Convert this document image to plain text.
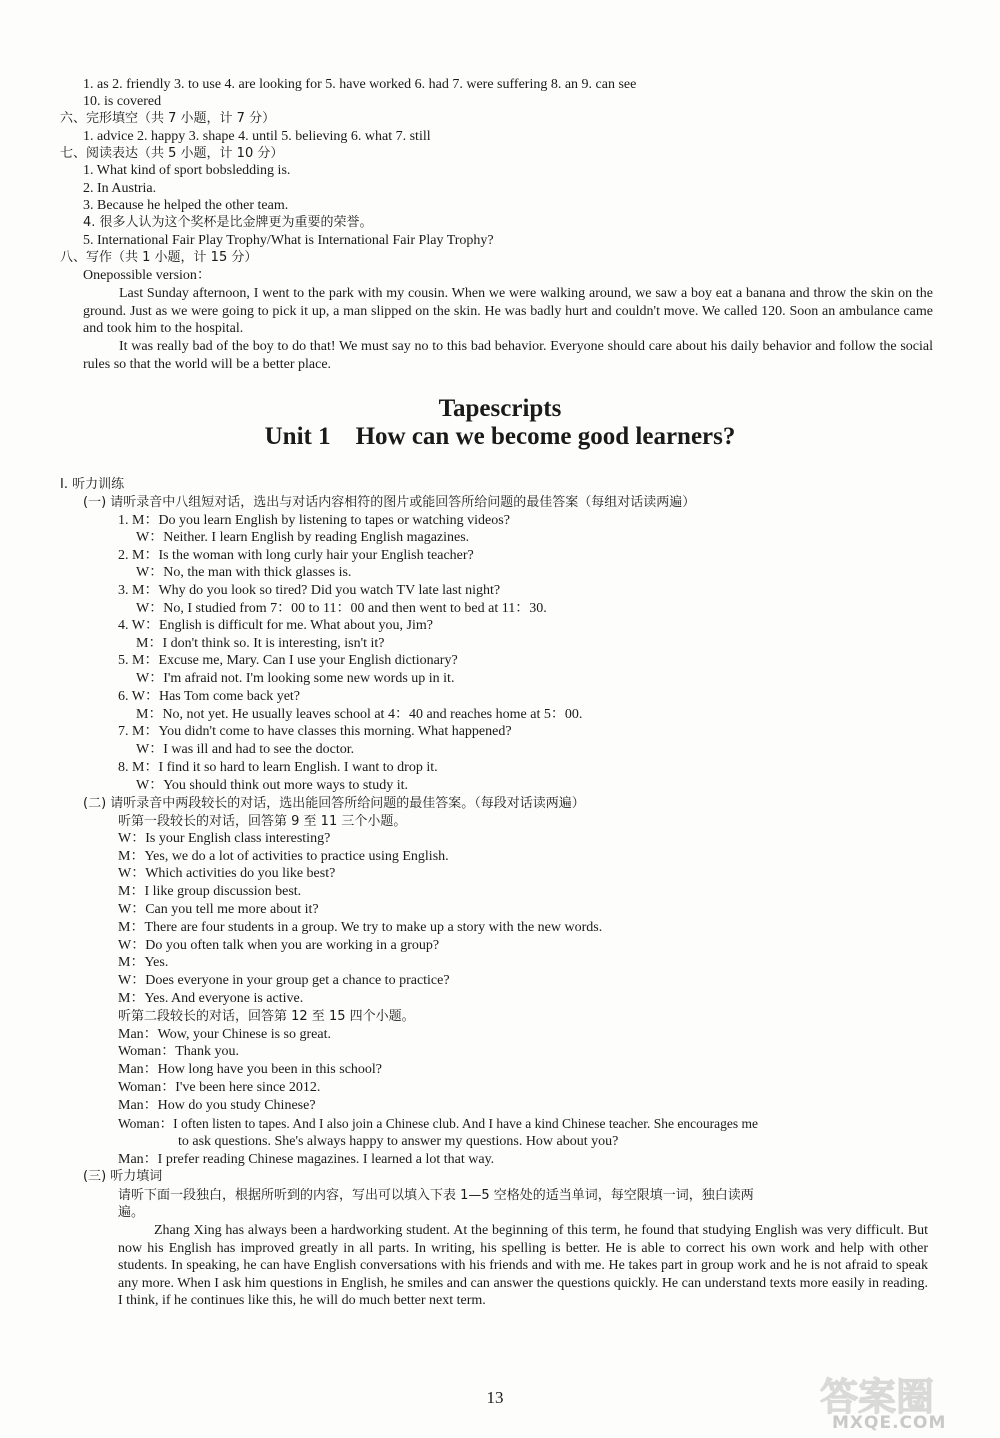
1. as 2. friendly 3. to use 4. are looking for 5. have worked 6. had 7. were suffering 8. an 9. can see
10. is covered
六、完形填空（共 7 小题，计 7 分）
1. advice 2. happy 3. shape 4. until 5. believing 6. what 7. still
七、阅读表达（共 5 小题，计 10 分）
1. What kind of sport bobsledding is.
2. In Austria.
3. Because he helped the other team.
4. 很多人认为这个奖杯是比金牌更为重要的荣誉。
5. International Fair Play Trophy/What is International Fair Play Trophy?
八、写作（共 1 小题，计 15 分）
Onepossible version：
Last Sunday afternoon, I went to the park with my cousin. When we were walking around, we saw a boy eat a banana and throw the skin on the ground. Just as we were going to pick it up, a man slipped on the skin. He was badly hurt and couldn't move. We called 120. Soon an ambulance came and took him to the hospital.
It was really bad of the boy to do that! We must say no to this bad behavior. Everyone should care about his daily behavior and follow the social rules so that the world will be a better place.
Tapescripts
Unit 1    How can we become good learners?
Ⅰ. 听力训练
(一) 请听录音中八组短对话，选出与对话内容相符的图片或能回答所给问题的最佳答案（每组对话读两遍）
1. M：Do you learn English by listening to tapes or watching videos?
W：Neither. I learn English by reading English magazines.
2. M：Is the woman with long curly hair your English teacher?
W：No, the man with thick glasses is.
3. M：Why do you look so tired? Did you watch TV late last night?
W：No, I studied from 7：00 to 11：00 and then went to bed at 11：30.
4. W：English is difficult for me. What about you, Jim?
M：I don't think so. It is interesting, isn't it?
5. M：Excuse me, Mary. Can I use your English dictionary?
W：I'm afraid not. I'm looking some new words up in it.
6. W：Has Tom come back yet?
M：No, not yet. He usually leaves school at 4：40 and reaches home at 5：00.
7. M：You didn't come to have classes this morning. What happened?
W：I was ill and had to see the doctor.
8. M：I find it so hard to learn English. I want to drop it.
W：You should think out more ways to study it.
(二) 请听录音中两段较长的对话，选出能回答所给问题的最佳答案。（每段对话读两遍）
听第一段较长的对话，回答第 9 至 11 三个小题。
W：Is your English class interesting?
M：Yes, we do a lot of activities to practice using English.
W：Which activities do you like best?
M：I like group discussion best.
W：Can you tell me more about it?
M：There are four students in a group. We try to make up a story with the new words.
W：Do you often talk when you are working in a group?
M：Yes.
W：Does everyone in your group get a chance to practice?
M：Yes. And everyone is active.
听第二段较长的对话，回答第 12 至 15 四个小题。
Man：Wow, your Chinese is so great.
Woman：Thank you.
Man：How long have you been in this school?
Woman：I've been here since 2012.
Man：How do you study Chinese?
Woman：I often listen to tapes. And I also join a Chinese club. And I have a kind Chinese teacher. She encourages me
to ask questions. She's always happy to answer my questions. How about you?
Man：I prefer reading Chinese magazines. I learned a lot that way.
(三) 听力填词
请听下面一段独白，根据所听到的内容，写出可以填入下表 1—5 空格处的适当单词，每空限填一词，独白读两
遍。
Zhang Xing has always been a hardworking student. At the beginning of this term, he found that studying English was very difficult. But now his English has improved greatly in all parts. In writing, his spelling is better. He is able to correct his own work and help with other students. In speaking, he can have English conversations with his friends and with me. He takes part in group work and he is not afraid to speak any more. When I ask him questions in English, he smiles and can answer the questions quickly. He can understand texts more easily in reading. I think, if he continues like this, he will do much better next term.
13	答案圈
MXQE.COM
